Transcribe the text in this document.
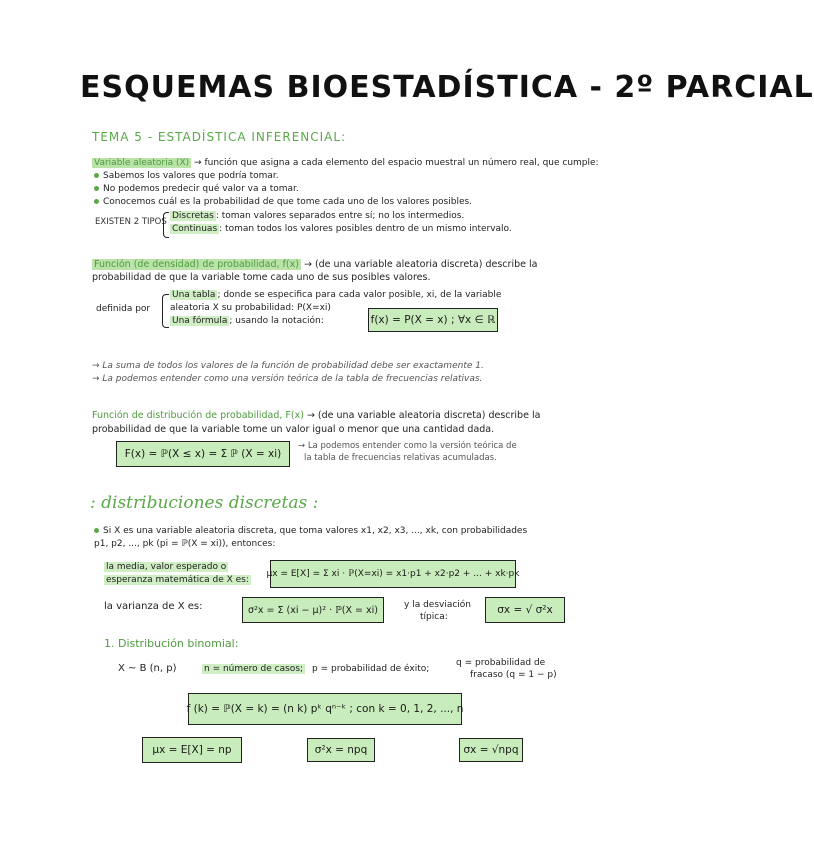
ESQUEMAS BIOESTADÍSTICA - 2º PARCIAL
TEMA 5 - ESTADÍSTICA INFERENCIAL:
Variable aleatoria (X) → función que asigna a cada elemento del espacio muestral un número real, que cumple:
Sabemos los valores que podría tomar.
No podemos predecir qué valor va a tomar.
Conocemos cuál es la probabilidad de que tome cada uno de los valores posibles.
EXISTEN 2 TIPOS
Discretas : toman valores separados entre sí; no los intermedios.
Continuas : toman todos los valores posibles dentro de un mismo intervalo.
Función (de densidad) de probabilidad, f(x) → (de una variable aleatoria discreta) describe la
probabilidad de que la variable tome cada uno de sus posibles valores.
definida por
Una tabla ; donde se especifica para cada valor posible, xi, de la variable
aleatoria X su probabilidad: P(X=xi)
Una fórmula ; usando la notación:	f(x) = P(X = x) ; ∀x ∈ ℝ
→ La suma de todos los valores de la función de probabilidad debe ser exactamente 1.
→ La podemos entender como una versión teórica de la tabla de frecuencias relativas.
Función de distribución de probabilidad, F(x) → (de una variable aleatoria discreta) describe la
probabilidad de que la variable tome un valor igual o menor que una cantidad dada.
F(x) = ℙ(X ≤ x) = Σ ℙ (X = xi)
→ La podemos entender como la versión teórica de
la tabla de frecuencias relativas acumuladas.
: distribuciones discretas :
Si X es una variable aleatoria discreta, que toma valores x1, x2, x3, ..., xk, con probabilidades
p1, p2, ..., pk (pi = ℙ(X = xi)), entonces:
la media, valor esperado o
esperanza matemática de X es:
μx = E[X] = Σ xi · ℙ(X=xi) = x1·p1 + x2·p2 + ... + xk·pk
la varianza de X es:	σ²x = Σ (xi − μ)² · ℙ(X = xi)	y la desviación
típica:
σx = √ σ²x
1. Distribución binomial:
X ~ B (n, p)	n = número de casos; p = probabilidad de éxito;
q = probabilidad de
fracaso (q = 1 − p)
f (k) = ℙ(X = k) = (n k) pᵏ qⁿ⁻ᵏ ; con k = 0, 1, 2, ..., n
μx = E[X] = np	σ²x = npq	σx = √npq
